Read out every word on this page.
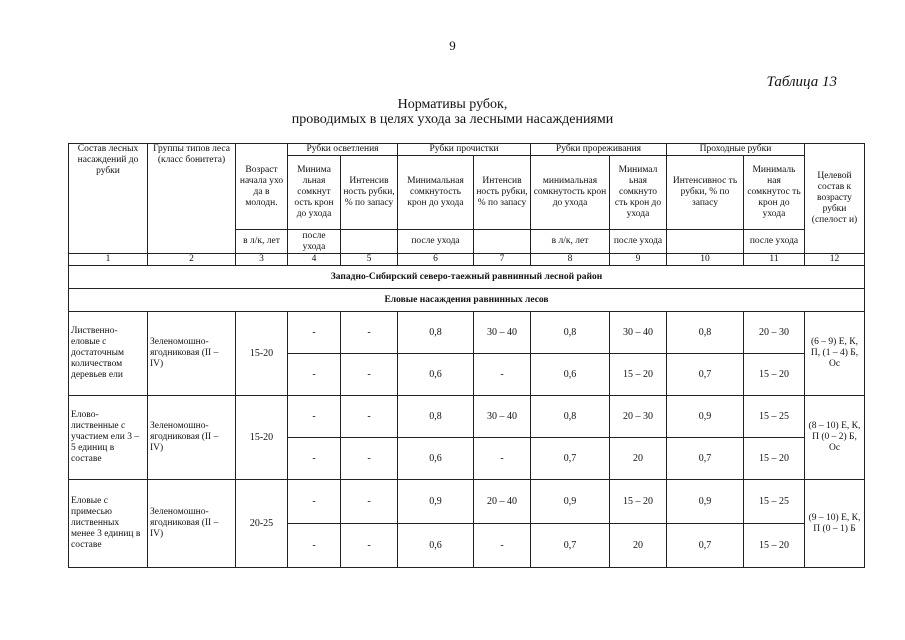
9
Таблица 13
Нормативы рубок,
проводимых в целях ухода за лесными насаждениями
Состав лесных насаждений до рубки	Группы типов леса (класс бонитета)	Возраст начала ухо да в молодн.	Рубки осветления		Рубки прочистки		Рубки прореживания		Проходные рубки		Целевой состав к возрасту рубки (спелост и)
			Минима льная сомкнут ость крон до ухода	Интенсив ность рубки, % по запасу	Минимальная сомкнутость крон до ухода	Интенсив ность рубки, % по запасу	минимальная сомкнутость крон до ухода	Минимал ьная сомкнуто сть крон до ухода	Интенсивнос ть рубки, % по запасу	Минималь ная сомкнутос ть крон до ухода	
		в л/к, лет	после ухода		после ухода		в л/к, лет	после ухода		после ухода	
1	2	3	4	5	6	7	8	9	10	11	12
Западно-Сибирский северо-таежный равнинный лесной район											
Еловые насаждения равнинных лесов											
Лиственно-еловые с достаточным количеством деревьев ели	Зеленомошно-ягодниковая (II – IV)	15-20	-	-	0,8	30 – 40	0,8	30 – 40	0,8	20 – 30	(6 – 9) Е, К, П, (1 – 4) Б, Ос
			-	-	0,6	-	0,6	15 – 20	0,7	15 – 20	
Елово-лиственные с участием ели 3 – 5 единиц в составе	Зеленомошно-ягодниковая (II – IV)	15-20	-	-	0,8	30 – 40	0,8	20 – 30	0,9	15 – 25	(8 – 10) Е, К, П (0 – 2) Б, Ос
			-	-	0,6	-	0,7	20	0,7	15 – 20	
Еловые с примесью лиственных менее 3 единиц в составе	Зеленомошно-ягодниковая (II – IV)	20-25	-	-	0,9	20 – 40	0,9	15 – 20	0,9	15 – 25	(9 – 10) Е, К, П (0 – 1) Б
			-	-	0,6	-	0,7	20	0,7	15 – 20	
